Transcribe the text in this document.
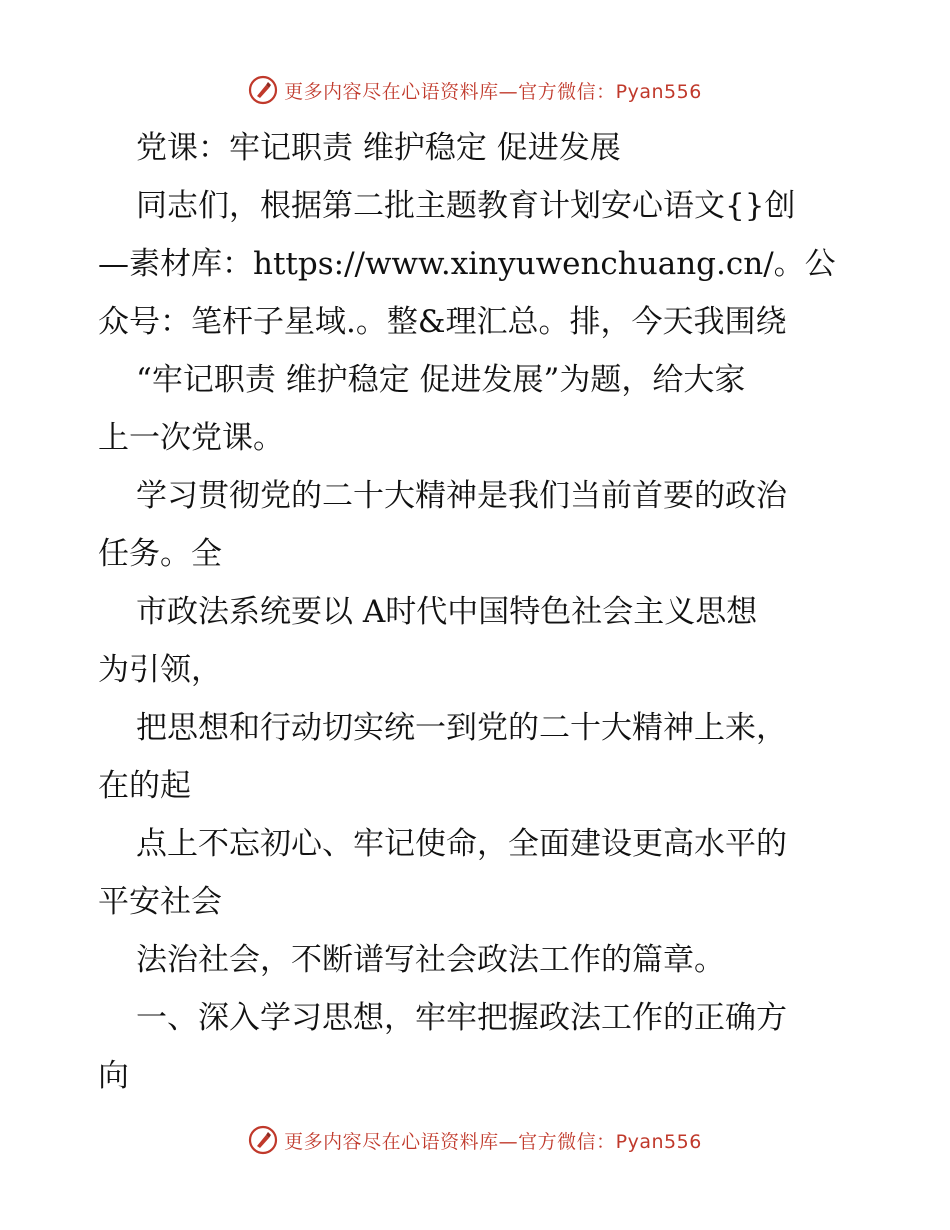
更多内容尽在心语资料库—官方微信：Pyan556
党课：牢记职责 维护稳定 促进发展
同志们，根据第二批主题教育计划安心语文{}创
—素材库：https://www.xinyuwenchuang.cn/。公
众号：笔杆子星域.。整&理汇总。排，今天我围绕
“牢记职责 维护稳定 促进发展”为题，给大家
上一次党课。
学习贯彻党的二十大精神是我们当前首要的政治
任务。全
市政法系统要以 A时代中国特色社会主义思想
为引领，
把思想和行动切实统一到党的二十大精神上来，
在的起
点上不忘初心、牢记使命，全面建设更高水平的
平安社会
法治社会，不断谱写社会政法工作的篇章。
一、深入学习思想，牢牢把握政法工作的正确方
向
更多内容尽在心语资料库—官方微信：Pyan556
